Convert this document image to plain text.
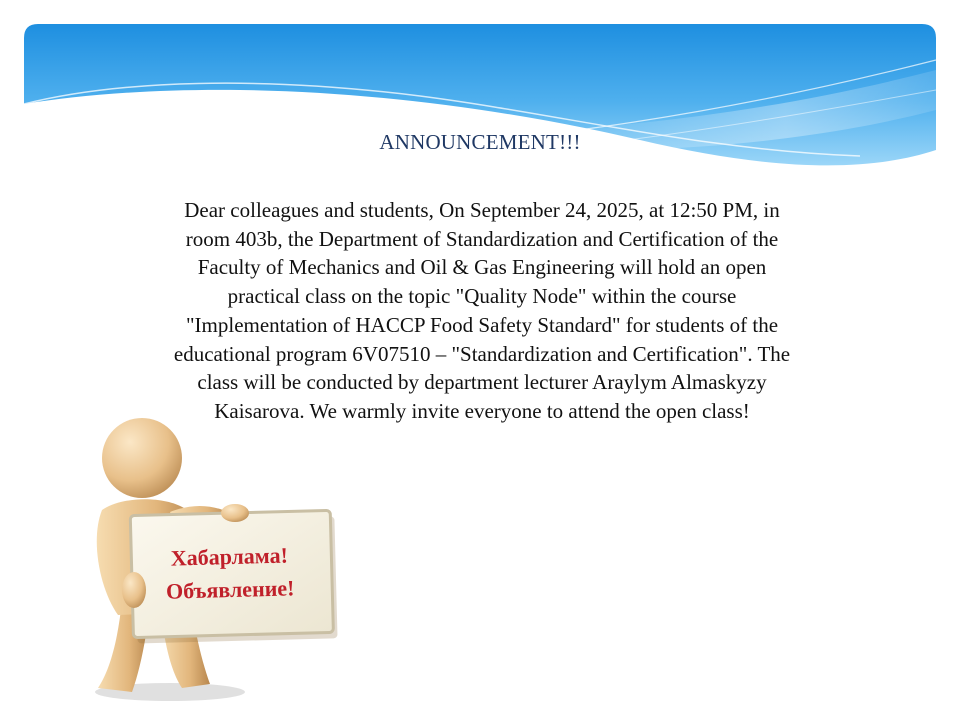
ANNOUNCEMENT!!!
Dear colleagues and students, On September 24, 2025, at 12:50 PM, in
room 403b, the Department of Standardization and Certification of the
Faculty of Mechanics and Oil & Gas Engineering will hold an open
practical class on the topic "Quality Node" within the course
"Implementation of HACCP Food Safety Standard" for students of the
educational program 6V07510 – "Standardization and Certification". The
class will be conducted by department lecturer Araylym Almaskyzy
Kaisarova. We warmly invite everyone to attend the open class!
Хабарлама!
Объявление!
